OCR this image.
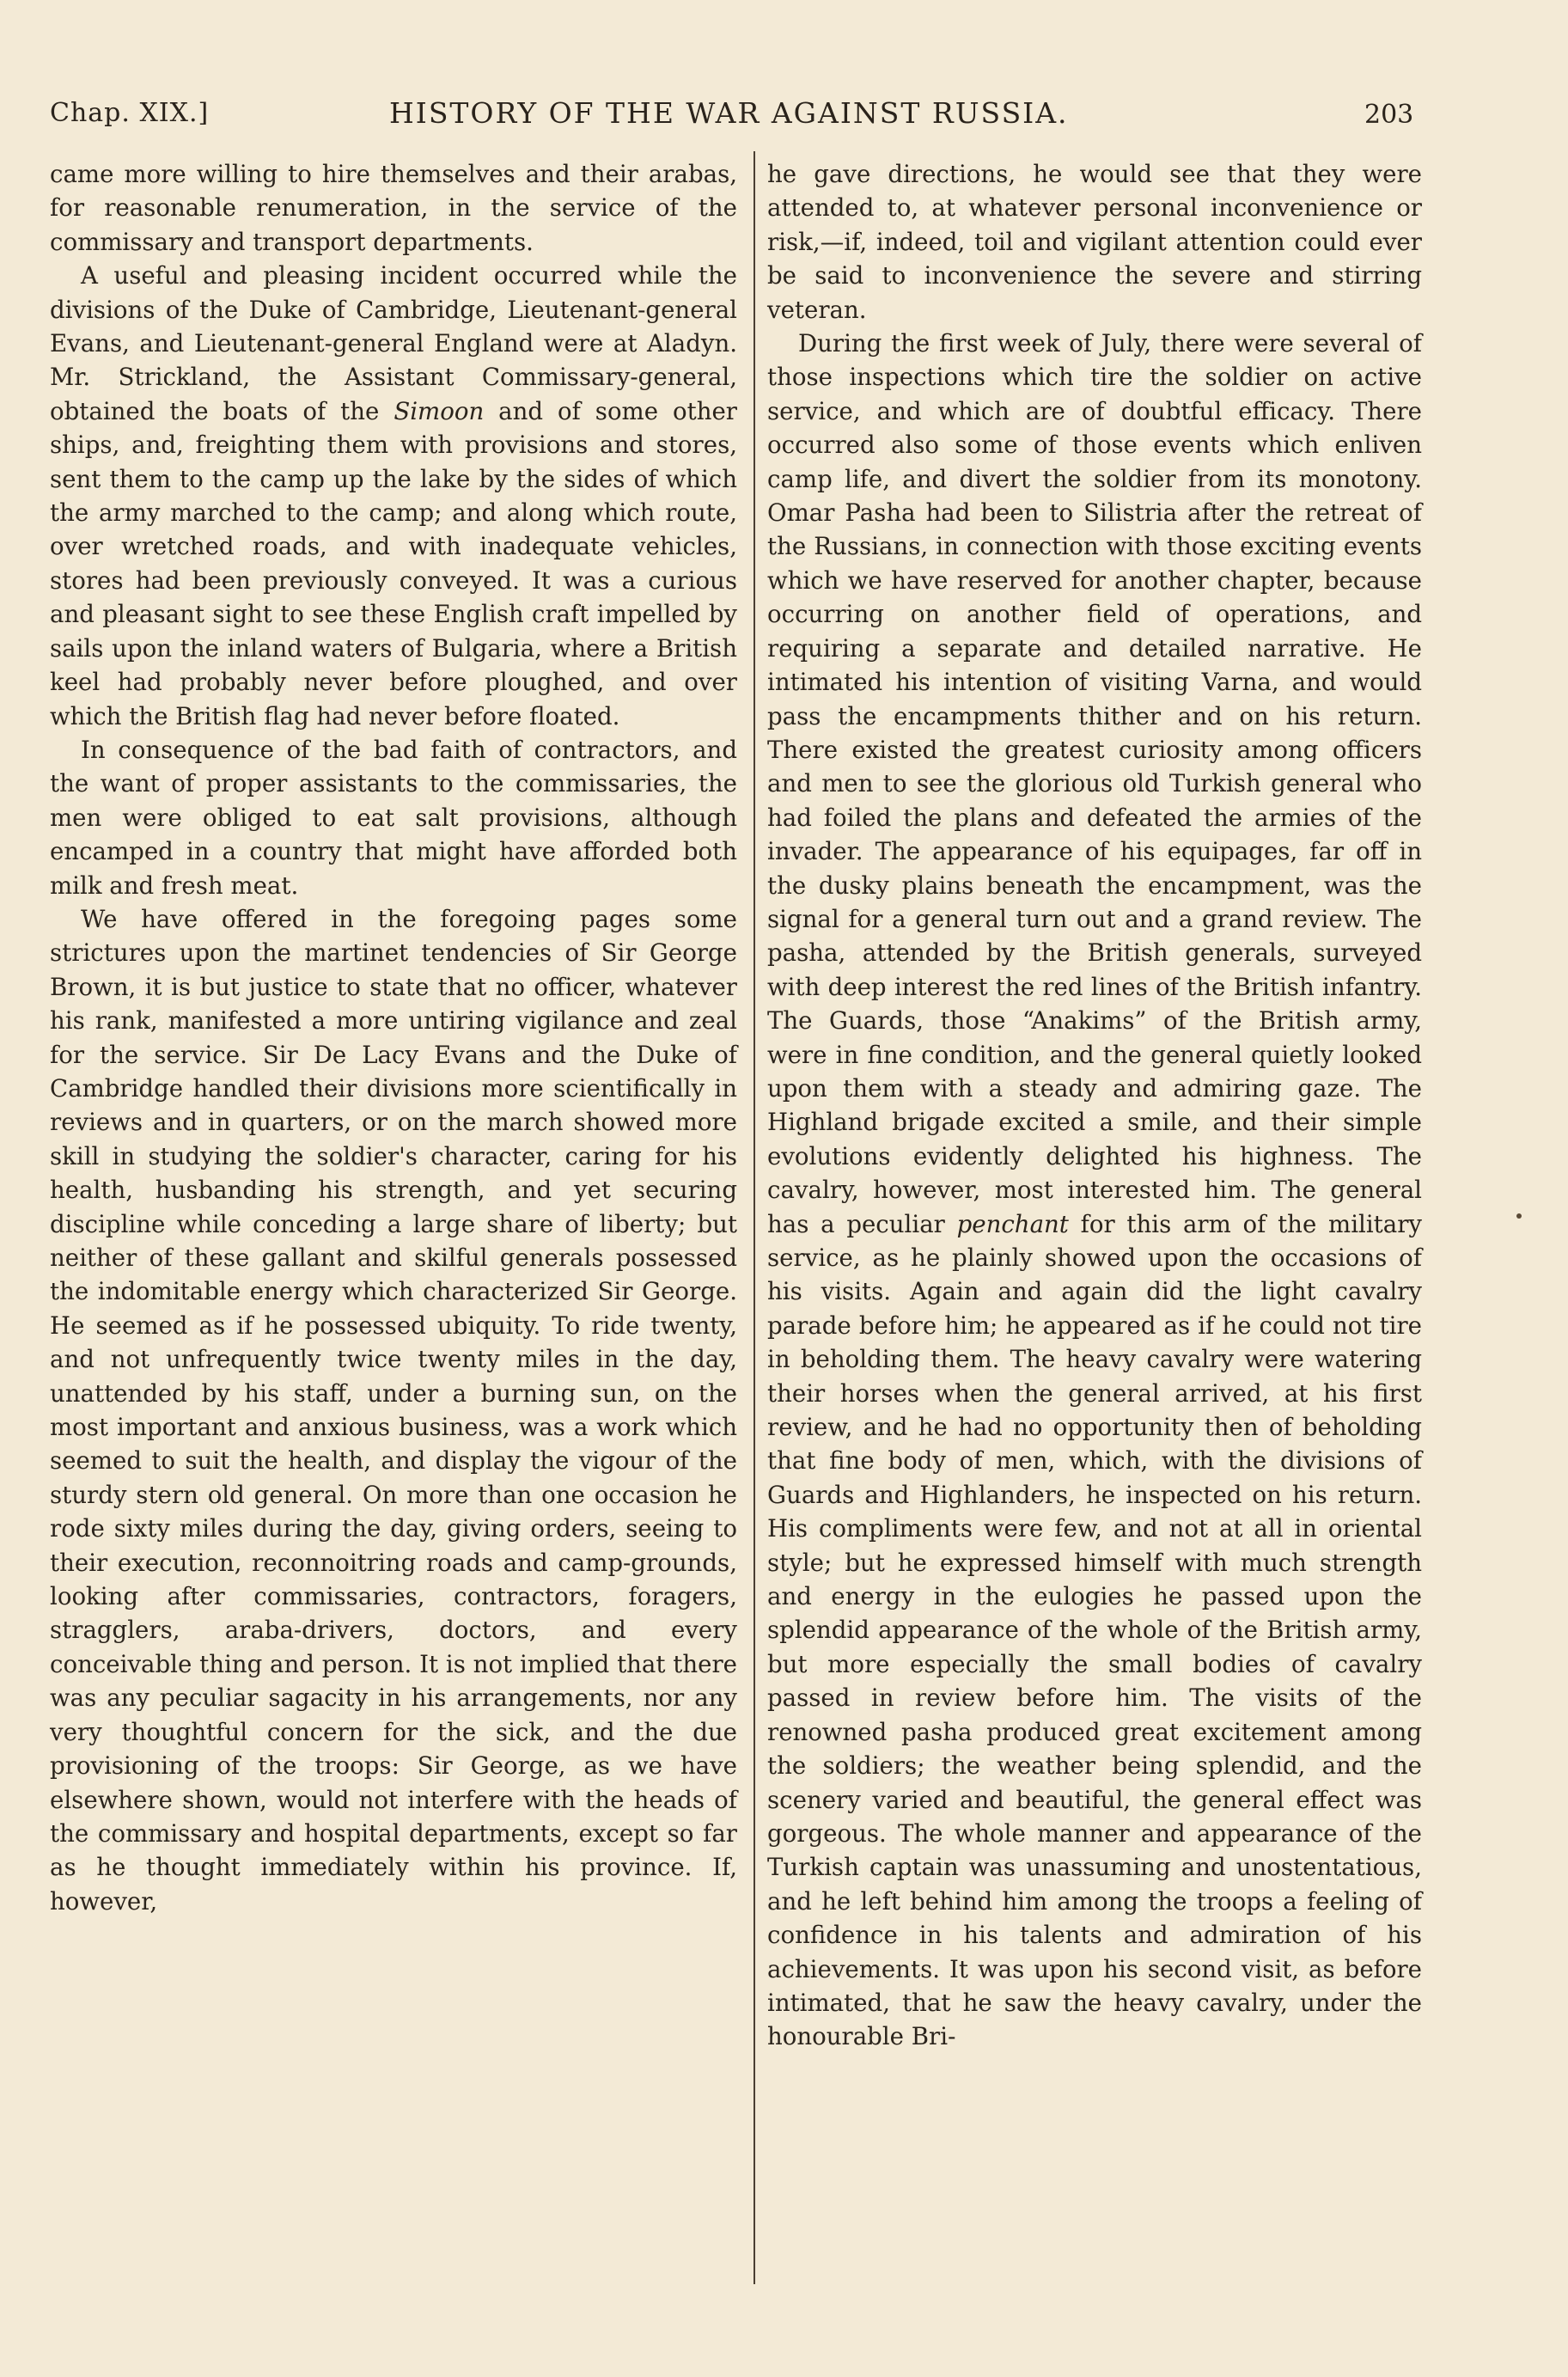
Chap. XIX.]	HISTORY OF THE WAR AGAINST RUSSIA.	203

came more willing to hire themselves and their arabas, for reasonable renumeration, in the service of the commissary and transport departments.

A useful and pleasing incident occurred while the divisions of the Duke of Cambridge, Lieutenant-general Evans, and Lieutenant-general England were at Aladyn. Mr. Strickland, the Assistant Commissary-general, obtained the boats of the Simoon and of some other ships, and, freighting them with provisions and stores, sent them to the camp up the lake by the sides of which the army marched to the camp; and along which route, over wretched roads, and with inadequate vehicles, stores had been previously conveyed. It was a curious and pleasant sight to see these English craft impelled by sails upon the inland waters of Bulgaria, where a British keel had probably never before ploughed, and over which the British flag had never before floated.

In consequence of the bad faith of contractors, and the want of proper assistants to the commissaries, the men were obliged to eat salt provisions, although encamped in a country that might have afforded both milk and fresh meat.

We have offered in the foregoing pages some strictures upon the martinet tendencies of Sir George Brown, it is but justice to state that no officer, whatever his rank, manifested a more untiring vigilance and zeal for the service. Sir De Lacy Evans and the Duke of Cambridge handled their divisions more scientifically in reviews and in quarters, or on the march showed more skill in studying the soldier's character, caring for his health, husbanding his strength, and yet securing discipline while conceding a large share of liberty; but neither of these gallant and skilful generals possessed the indomitable energy which characterized Sir George. He seemed as if he possessed ubiquity. To ride twenty, and not unfrequently twice twenty miles in the day, unattended by his staff, under a burning sun, on the most important and anxious business, was a work which seemed to suit the health, and display the vigour of the sturdy stern old general. On more than one occasion he rode sixty miles during the day, giving orders, seeing to their execution, reconnoitring roads and camp-grounds, looking after commissaries, contractors, foragers, stragglers, araba-drivers, doctors, and every conceivable thing and person. It is not implied that there was any peculiar sagacity in his arrangements, nor any very thoughtful concern for the sick, and the due provisioning of the troops: Sir George, as we have elsewhere shown, would not interfere with the heads of the commissary and hospital departments, except so far as he thought immediately within his province. If, however,

he gave directions, he would see that they were attended to, at whatever personal inconvenience or risk,—if, indeed, toil and vigilant attention could ever be said to inconvenience the severe and stirring veteran.

During the first week of July, there were several of those inspections which tire the soldier on active service, and which are of doubtful efficacy. There occurred also some of those events which enliven camp life, and divert the soldier from its monotony. Omar Pasha had been to Silistria after the retreat of the Russians, in connection with those exciting events which we have reserved for another chapter, because occurring on another field of operations, and requiring a separate and detailed narrative. He intimated his intention of visiting Varna, and would pass the encampments thither and on his return. There existed the greatest curiosity among officers and men to see the glorious old Turkish general who had foiled the plans and defeated the armies of the invader. The appearance of his equipages, far off in the dusky plains beneath the encampment, was the signal for a general turn out and a grand review. The pasha, attended by the British generals, surveyed with deep interest the red lines of the British infantry. The Guards, those “Anakims” of the British army, were in fine condition, and the general quietly looked upon them with a steady and admiring gaze. The Highland brigade excited a smile, and their simple evolutions evidently delighted his highness. The cavalry, however, most interested him. The general has a peculiar penchant for this arm of the military service, as he plainly showed upon the occasions of his visits. Again and again did the light cavalry parade before him; he appeared as if he could not tire in beholding them. The heavy cavalry were watering their horses when the general arrived, at his first review, and he had no opportunity then of beholding that fine body of men, which, with the divisions of Guards and Highlanders, he inspected on his return. His compliments were few, and not at all in oriental style; but he expressed himself with much strength and energy in the eulogies he passed upon the splendid appearance of the whole of the British army, but more especially the small bodies of cavalry passed in review before him. The visits of the renowned pasha produced great excitement among the soldiers; the weather being splendid, and the scenery varied and beautiful, the general effect was gorgeous. The whole manner and appearance of the Turkish captain was unassuming and unostentatious, and he left behind him among the troops a feeling of confidence in his talents and admiration of his achievements. It was upon his second visit, as before intimated, that he saw the heavy cavalry, under the honourable Bri-
